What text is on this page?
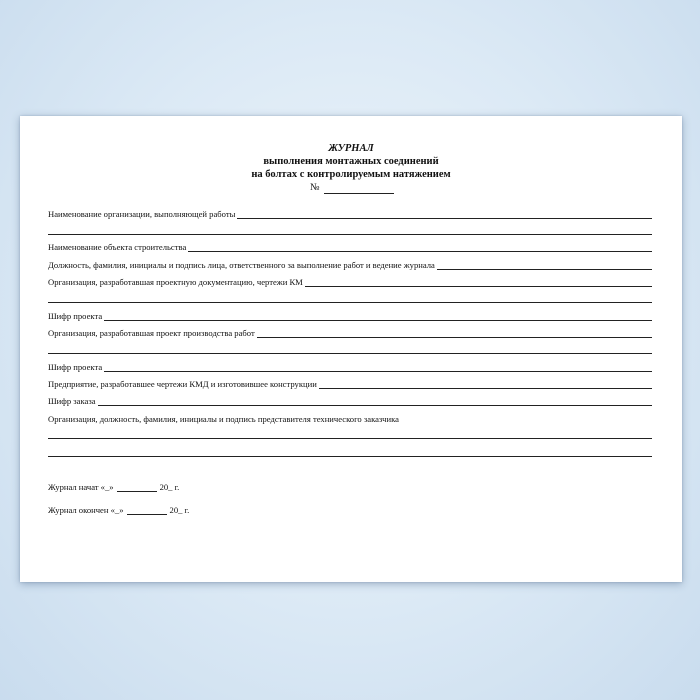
ЖУРНАЛ
выполнения монтажных соединений
на болтах с контролируемым натяжением
№
Наименование организации, выполняющей работы
Наименование объекта строительства
Должность, фамилия, инициалы и подпись лица, ответственного за выполнение работ и ведение журнала
Организация, разработавшая проектную документацию, чертежи КМ
Шифр проекта
Организация, разработавшая проект производства работ
Шифр проекта
Предприятие, разработавшее чертежи КМД и изготовившее конструкции
Шифр заказа
Организация, должность, фамилия, инициалы и подпись представителя технического заказчика
Журнал начат «_»	20_ г.
Журнал окончен «_»	20_ г.
